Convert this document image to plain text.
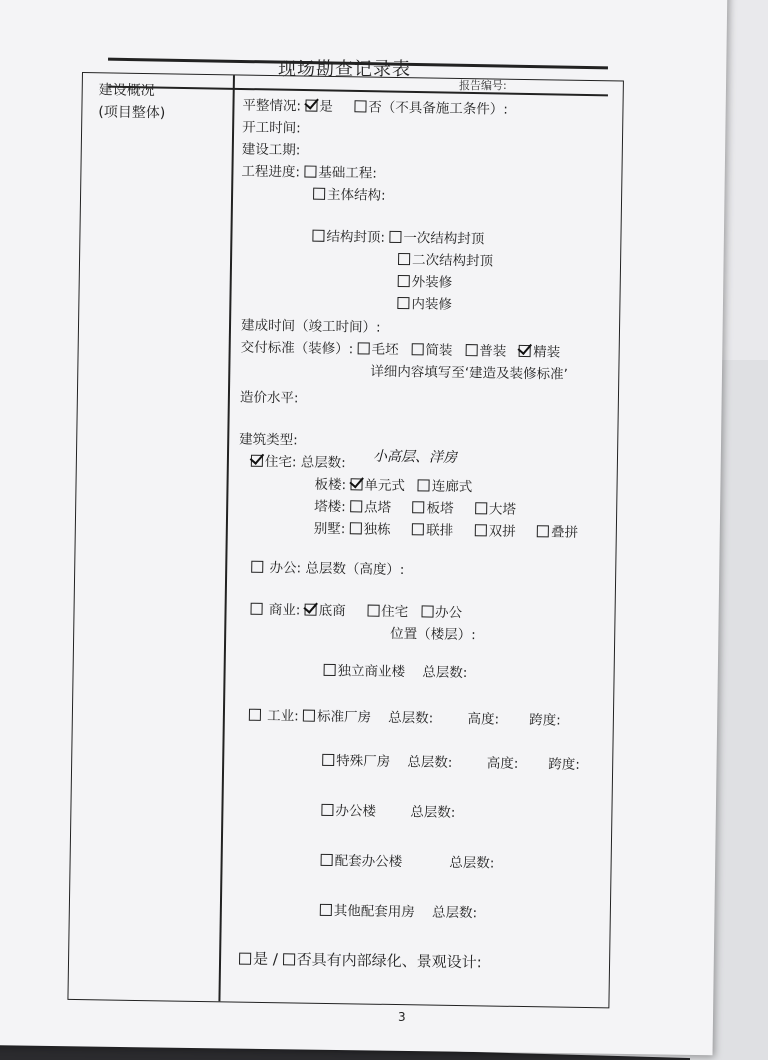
现场勘查记录表
报告编号:
建设概况
(项目整体)	平整情况: 是	否（不具备施工条件）:
开工时间:
建设工期:
工程进度: 基础工程:
主体结构:
结构封顶: 一次结构封顶
二次结构封顶
外装修
内装修
建成时间（竣工时间）:
交付标准（装修）: 毛坯 简装 普装 精装
详细内容填写至‘建造及装修标准’
造价水平:
建筑类型:
住宅: 总层数: 小高层、洋房
板楼: 单元式 连廊式
塔楼: 点塔	板塔	大塔
别墅: 独栋	联排	双拼	叠拼
办公: 总层数（高度）:
商业: 底商	住宅 办公
位置（楼层）:
独立商业楼 总层数:
工业: 标准厂房 总层数:	高度: 跨度:
特殊厂房 总层数:	高度: 跨度:
办公楼	总层数:
配套办公楼	总层数:
其他配套用房 总层数:
是 / 否具有内部绿化、景观设计:
3
